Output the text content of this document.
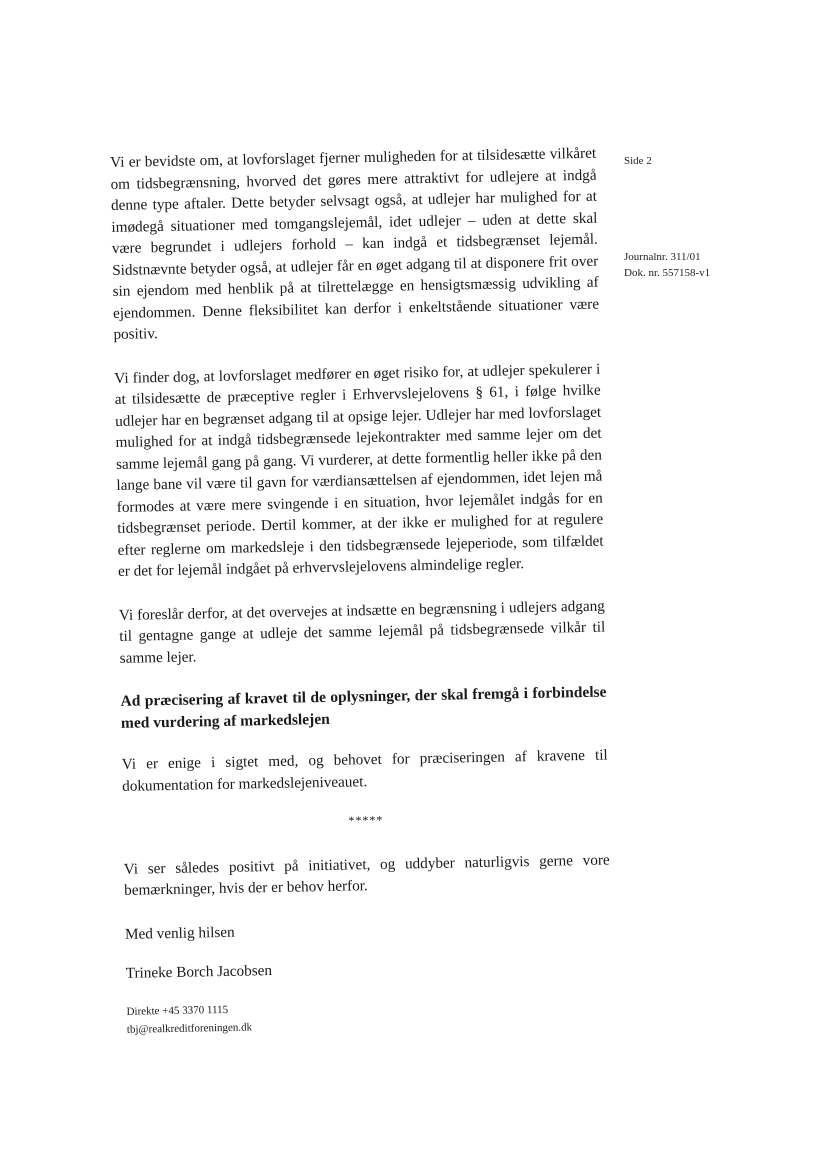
Side 2
Journalnr. 311/01
Dok. nr. 557158-v1

Vi er bevidste om, at lovforslaget fjerner muligheden for at tilsidesætte vilkåret om tidsbegrænsning, hvorved det gøres mere attraktivt for udlejere at indgå denne type aftaler. Dette betyder selvsagt også, at udlejer har mulighed for at imødegå situationer med tomgangslejemål, idet udlejer – uden at dette skal være begrundet i udlejers forhold – kan indgå et tidsbegrænset lejemål. Sidstnævnte betyder også, at udlejer får en øget adgang til at disponere frit over sin ejendom med henblik på at tilrettelægge en hensigtsmæssig udvikling af ejendommen. Denne fleksibilitet kan derfor i enkeltstående situationer være positiv.

Vi finder dog, at lovforslaget medfører en øget risiko for, at udlejer spekulerer i at tilsidesætte de præceptive regler i Erhvervslejelovens § 61, i følge hvilke udlejer har en begrænset adgang til at opsige lejer. Udlejer har med lovforslaget mulighed for at indgå tidsbegrænsede lejekontrakter med samme lejer om det samme lejemål gang på gang. Vi vurderer, at dette formentlig heller ikke på den lange bane vil være til gavn for værdiansættelsen af ejendommen, idet lejen må formodes at være mere svingende i en situation, hvor lejemålet indgås for en tidsbegrænset periode. Dertil kommer, at der ikke er mulighed for at regulere efter reglerne om markedsleje i den tidsbegrænsede lejeperiode, som tilfældet er det for lejemål indgået på erhvervslejelovens almindelige regler.

Vi foreslår derfor, at det overvejes at indsætte en begrænsning i udlejers adgang til gentagne gange at udleje det samme lejemål på tidsbegrænsede vilkår til samme lejer.

Ad præcisering af kravet til de oplysninger, der skal fremgå i forbindelse med vurdering af markedslejen

Vi er enige i sigtet med, og behovet for præciseringen af kravene til dokumentation for markedslejeniveauet.

*****

Vi ser således positivt på initiativet, og uddyber naturligvis gerne vore bemærkninger, hvis der er behov herfor.

Med venlig hilsen
Trineke Borch Jacobsen
Direkte +45 3370 1115
tbj@realkreditforeningen.dk
